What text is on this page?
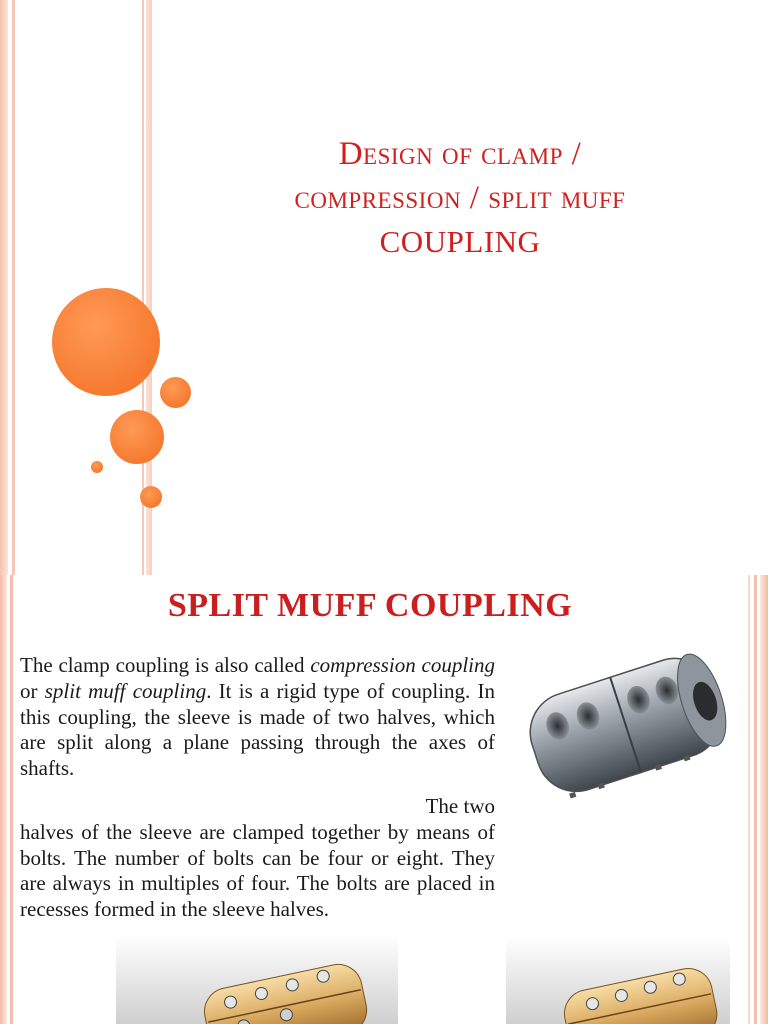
Design of clamp /
compression / split muff
COUPLING
SPLIT MUFF COUPLING
The clamp coupling is also called compression coupling or split muff coupling. It is a rigid type of coupling. In this coupling, the sleeve is made of two halves, which are split along a plane passing through the axes of shafts.
The two
halves of the sleeve are clamped together by means of bolts. The number of bolts can be four or eight. They are always in multiples of four. The bolts are placed in recesses formed in the sleeve halves.
